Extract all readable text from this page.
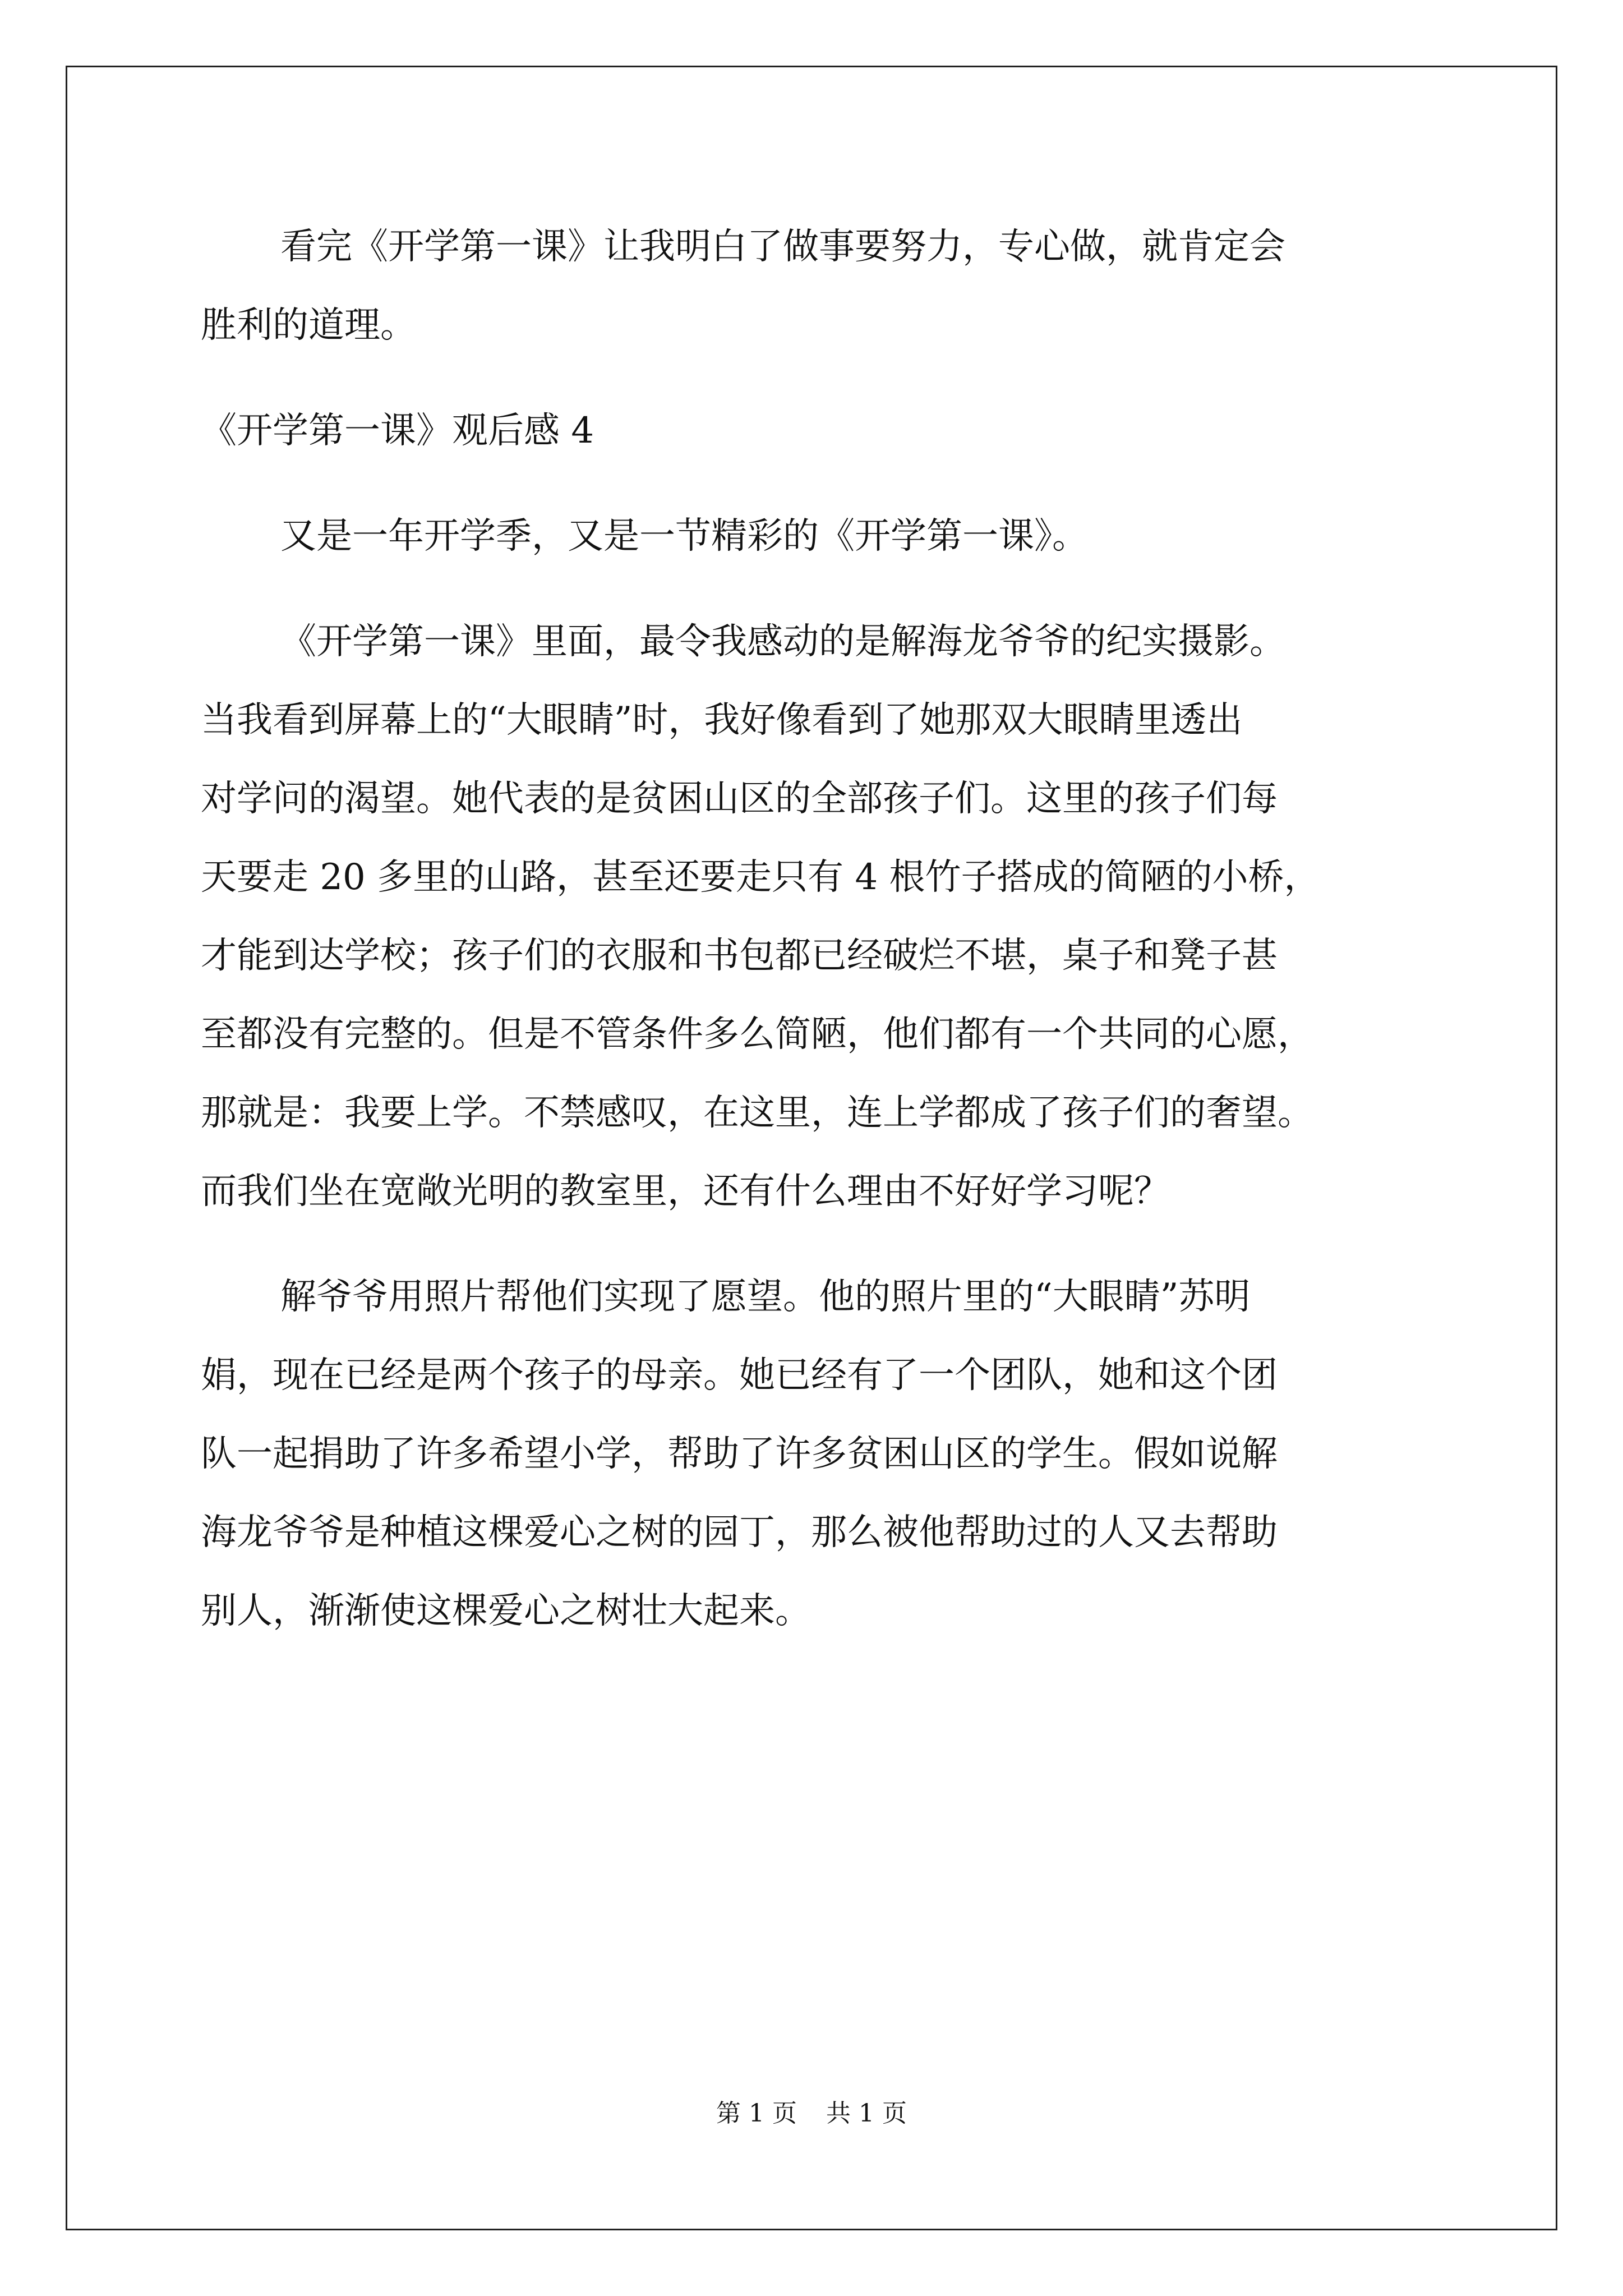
看完《开学第一课》让我明白了做事要努力，专心做，就肯定会
胜利的道理。
《开学第一课》观后感 4
又是一年开学季，又是一节精彩的《开学第一课》。
《开学第一课》里面，最令我感动的是解海龙爷爷的纪实摄影。
当我看到屏幕上的“大眼睛”时，我好像看到了她那双大眼睛里透出
对学问的渴望。她代表的是贫困山区的全部孩子们。这里的孩子们每
天要走 20 多里的山路，甚至还要走只有 4 根竹子搭成的简陋的小桥，
才能到达学校；孩子们的衣服和书包都已经破烂不堪，桌子和凳子甚
至都没有完整的。但是不管条件多么简陋，他们都有一个共同的心愿，
那就是：我要上学。不禁感叹，在这里，连上学都成了孩子们的奢望。
而我们坐在宽敞光明的教室里，还有什么理由不好好学习呢？
解爷爷用照片帮他们实现了愿望。他的照片里的“大眼睛”苏明
娟，现在已经是两个孩子的母亲。她已经有了一个团队，她和这个团
队一起捐助了许多希望小学，帮助了许多贫困山区的学生。假如说解
海龙爷爷是种植这棵爱心之树的园丁，那么被他帮助过的人又去帮助
别人，渐渐使这棵爱心之树壮大起来。
第 1 页 共 1 页
